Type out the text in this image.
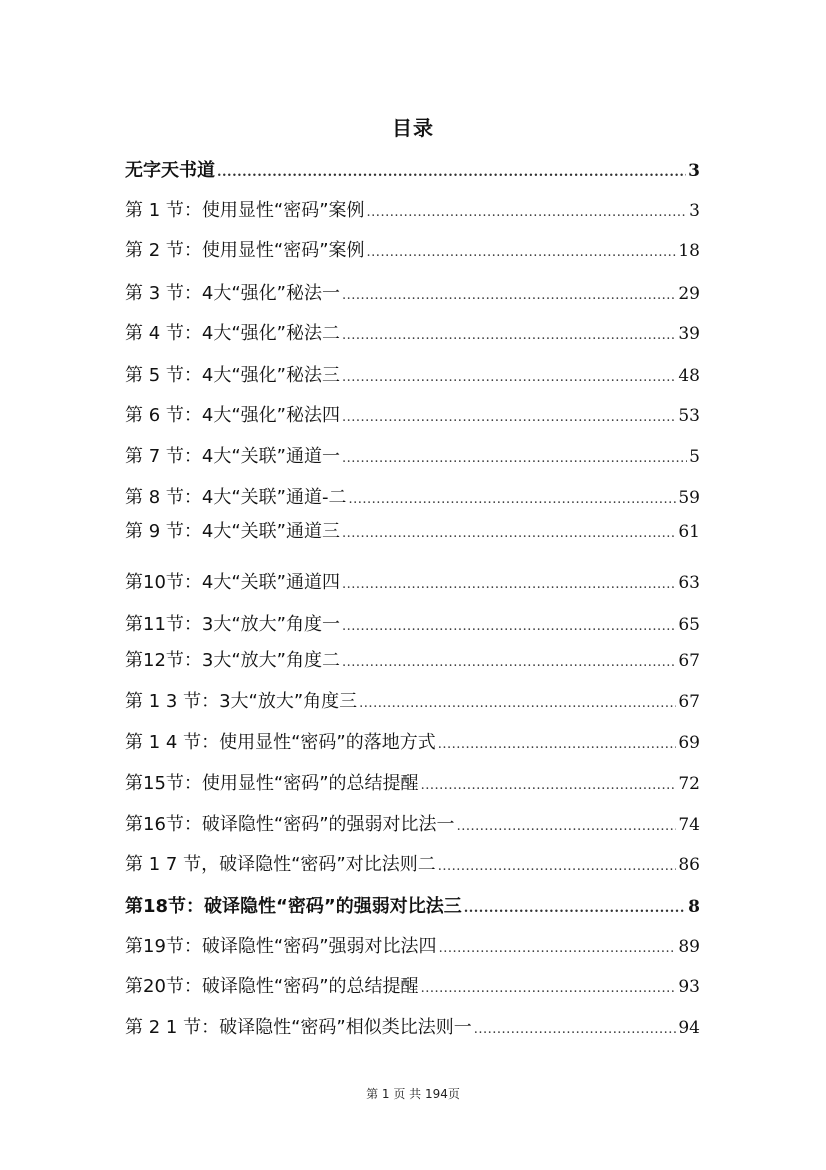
目录
无字天书道 .....	3
第 1 节：使用显性“密码”案例 .....	3
第 2 节：使用显性“密码”案例 .....	18
第 3 节：4大“强化”秘法一 .....	29
第 4 节：4大“强化”秘法二 .....	39
第 5 节：4大“强化”秘法三 .....	48
第 6 节：4大“强化”秘法四 .....	53
第 7 节：4大“关联”通道一 .....	5
第 8 节：4大“关联”通道-二 .....	59
第 9 节：4大“关联”通道三 .....	61
第10节：4大“关联”通道四 .....	63
第11节：3大“放大”角度一 .....	65
第12节：3大“放大”角度二 .....	67
第 1 3 节：3大“放大”角度三 .....	67
第 1 4 节：使用显性“密码”的落地方式 .....	69
第15节：使用显性“密码”的总结提醒 .....	72
第16节：破译隐性“密码”的强弱对比法一 .....	74
第 1 7 节，破译隐性“密码”对比法则二 .....	86
第18节：破译隐性“密码”的强弱对比法三 .....	8
第19节：破译隐性“密码”强弱对比法四 .....	89
第20节：破译隐性“密码”的总结提醒 .....	93
第 2 1 节：破译隐性“密码”相似类比法则一 .....	94
第 1 页 共 194页
